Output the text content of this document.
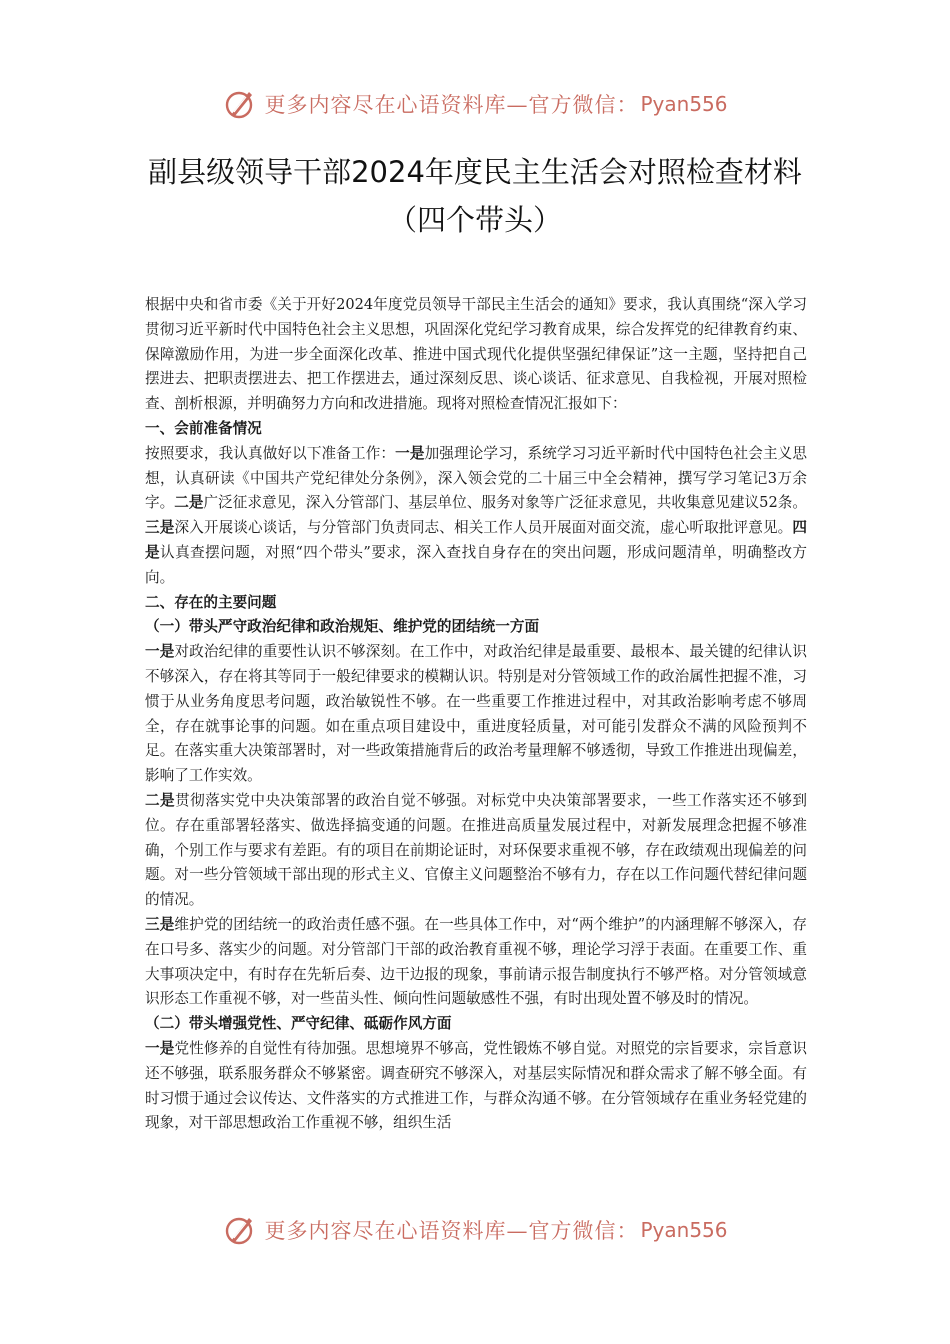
更多内容尽在心语资料库—官方微信： Pyan556
副县级领导干部2024年度民主生活会对照检查材料（四个带头）

根据中央和省市委《关于开好2024年度党员领导干部民主生活会的通知》要求，我认真围绕“深入学习贯彻习近平新时代中国特色社会主义思想，巩固深化党纪学习教育成果，综合发挥党的纪律教育约束、保障激励作用，为进一步全面深化改革、推进中国式现代化提供坚强纪律保证”这一主题，坚持把自己摆进去、把职责摆进去、把工作摆进去，通过深刻反思、谈心谈话、征求意见、自我检视，开展对照检查、剖析根源，并明确努力方向和改进措施。现将对照检查情况汇报如下：

一、会前准备情况

按照要求，我认真做好以下准备工作：一是加强理论学习，系统学习习近平新时代中国特色社会主义思想，认真研读《中国共产党纪律处分条例》，深入领会党的二十届三中全会精神，撰写学习笔记3万余字。二是广泛征求意见，深入分管部门、基层单位、服务对象等广泛征求意见，共收集意见建议52条。三是深入开展谈心谈话，与分管部门负责同志、相关工作人员开展面对面交流，虚心听取批评意见。四是认真查摆问题，对照“四个带头”要求，深入查找自身存在的突出问题，形成问题清单，明确整改方向。

二、存在的主要问题

（一）带头严守政治纪律和政治规矩、维护党的团结统一方面

一是对政治纪律的重要性认识不够深刻。在工作中，对政治纪律是最重要、最根本、最关键的纪律认识不够深入，存在将其等同于一般纪律要求的模糊认识。特别是对分管领域工作的政治属性把握不准，习惯于从业务角度思考问题，政治敏锐性不够。在一些重要工作推进过程中，对其政治影响考虑不够周全，存在就事论事的问题。如在重点项目建设中，重进度轻质量，对可能引发群众不满的风险预判不足。在落实重大决策部署时，对一些政策措施背后的政治考量理解不够透彻，导致工作推进出现偏差，影响了工作实效。

二是贯彻落实党中央决策部署的政治自觉不够强。对标党中央决策部署要求，一些工作落实还不够到位。存在重部署轻落实、做选择搞变通的问题。在推进高质量发展过程中，对新发展理念把握不够准确，个别工作与要求有差距。有的项目在前期论证时，对环保要求重视不够，存在政绩观出现偏差的问题。对一些分管领域干部出现的形式主义、官僚主义问题整治不够有力，存在以工作问题代替纪律问题的情况。

三是维护党的团结统一的政治责任感不强。在一些具体工作中，对“两个维护”的内涵理解不够深入，存在口号多、落实少的问题。对分管部门干部的政治教育重视不够，理论学习浮于表面。在重要工作、重大事项决定中，有时存在先斩后奏、边干边报的现象，事前请示报告制度执行不够严格。对分管领域意识形态工作重视不够，对一些苗头性、倾向性问题敏感性不强，有时出现处置不够及时的情况。

（二）带头增强党性、严守纪律、砥砺作风方面

一是党性修养的自觉性有待加强。思想境界不够高，党性锻炼不够自觉。对照党的宗旨要求，宗旨意识还不够强，联系服务群众不够紧密。调查研究不够深入，对基层实际情况和群众需求了解不够全面。有时习惯于通过会议传达、文件落实的方式推进工作，与群众沟通不够。在分管领域存在重业务轻党建的现象，对干部思想政治工作重视不够，组织生活

更多内容尽在心语资料库—官方微信： Pyan556
